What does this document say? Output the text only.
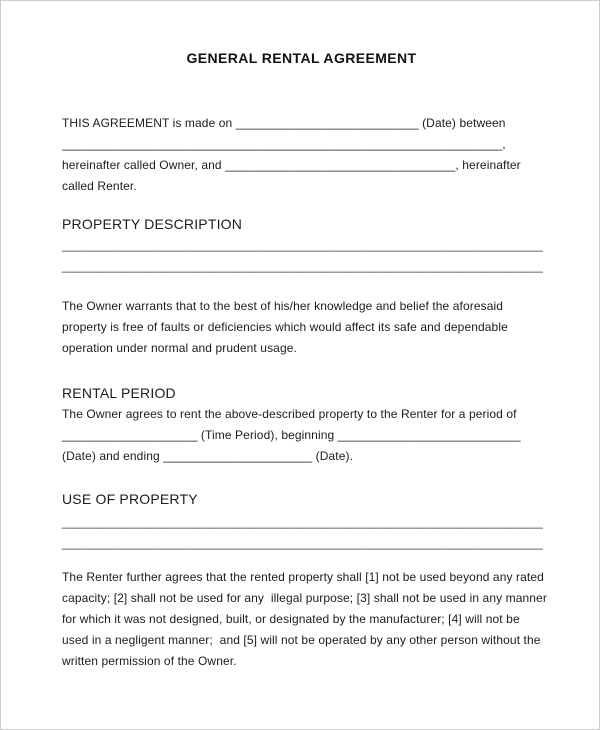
GENERAL RENTAL AGREEMENT
THIS AGREEMENT is made on ___________________________ (Date) between
_________________________________________________________________,
hereinafter called Owner, and __________________________________, hereinafter
called Renter.
PROPERTY DESCRIPTION
_______________________________________________________________________
_______________________________________________________________________
The Owner warrants that to the best of his/her knowledge and belief the aforesaid
property is free of faults or deficiencies which would affect its safe and dependable
operation under normal and prudent usage.
RENTAL PERIOD
The Owner agrees to rent the above-described property to the Renter for a period of
____________________ (Time Period), beginning ___________________________
(Date) and ending ______________________ (Date).
USE OF PROPERTY
_______________________________________________________________________
_______________________________________________________________________
The Renter further agrees that the rented property shall [1] not be used beyond any rated
capacity; [2] shall not be used for any  illegal purpose; [3] shall not be used in any manner
for which it was not designed, built, or designated by the manufacturer; [4] will not be
used in a negligent manner;  and [5] will not be operated by any other person without the
written permission of the Owner.
